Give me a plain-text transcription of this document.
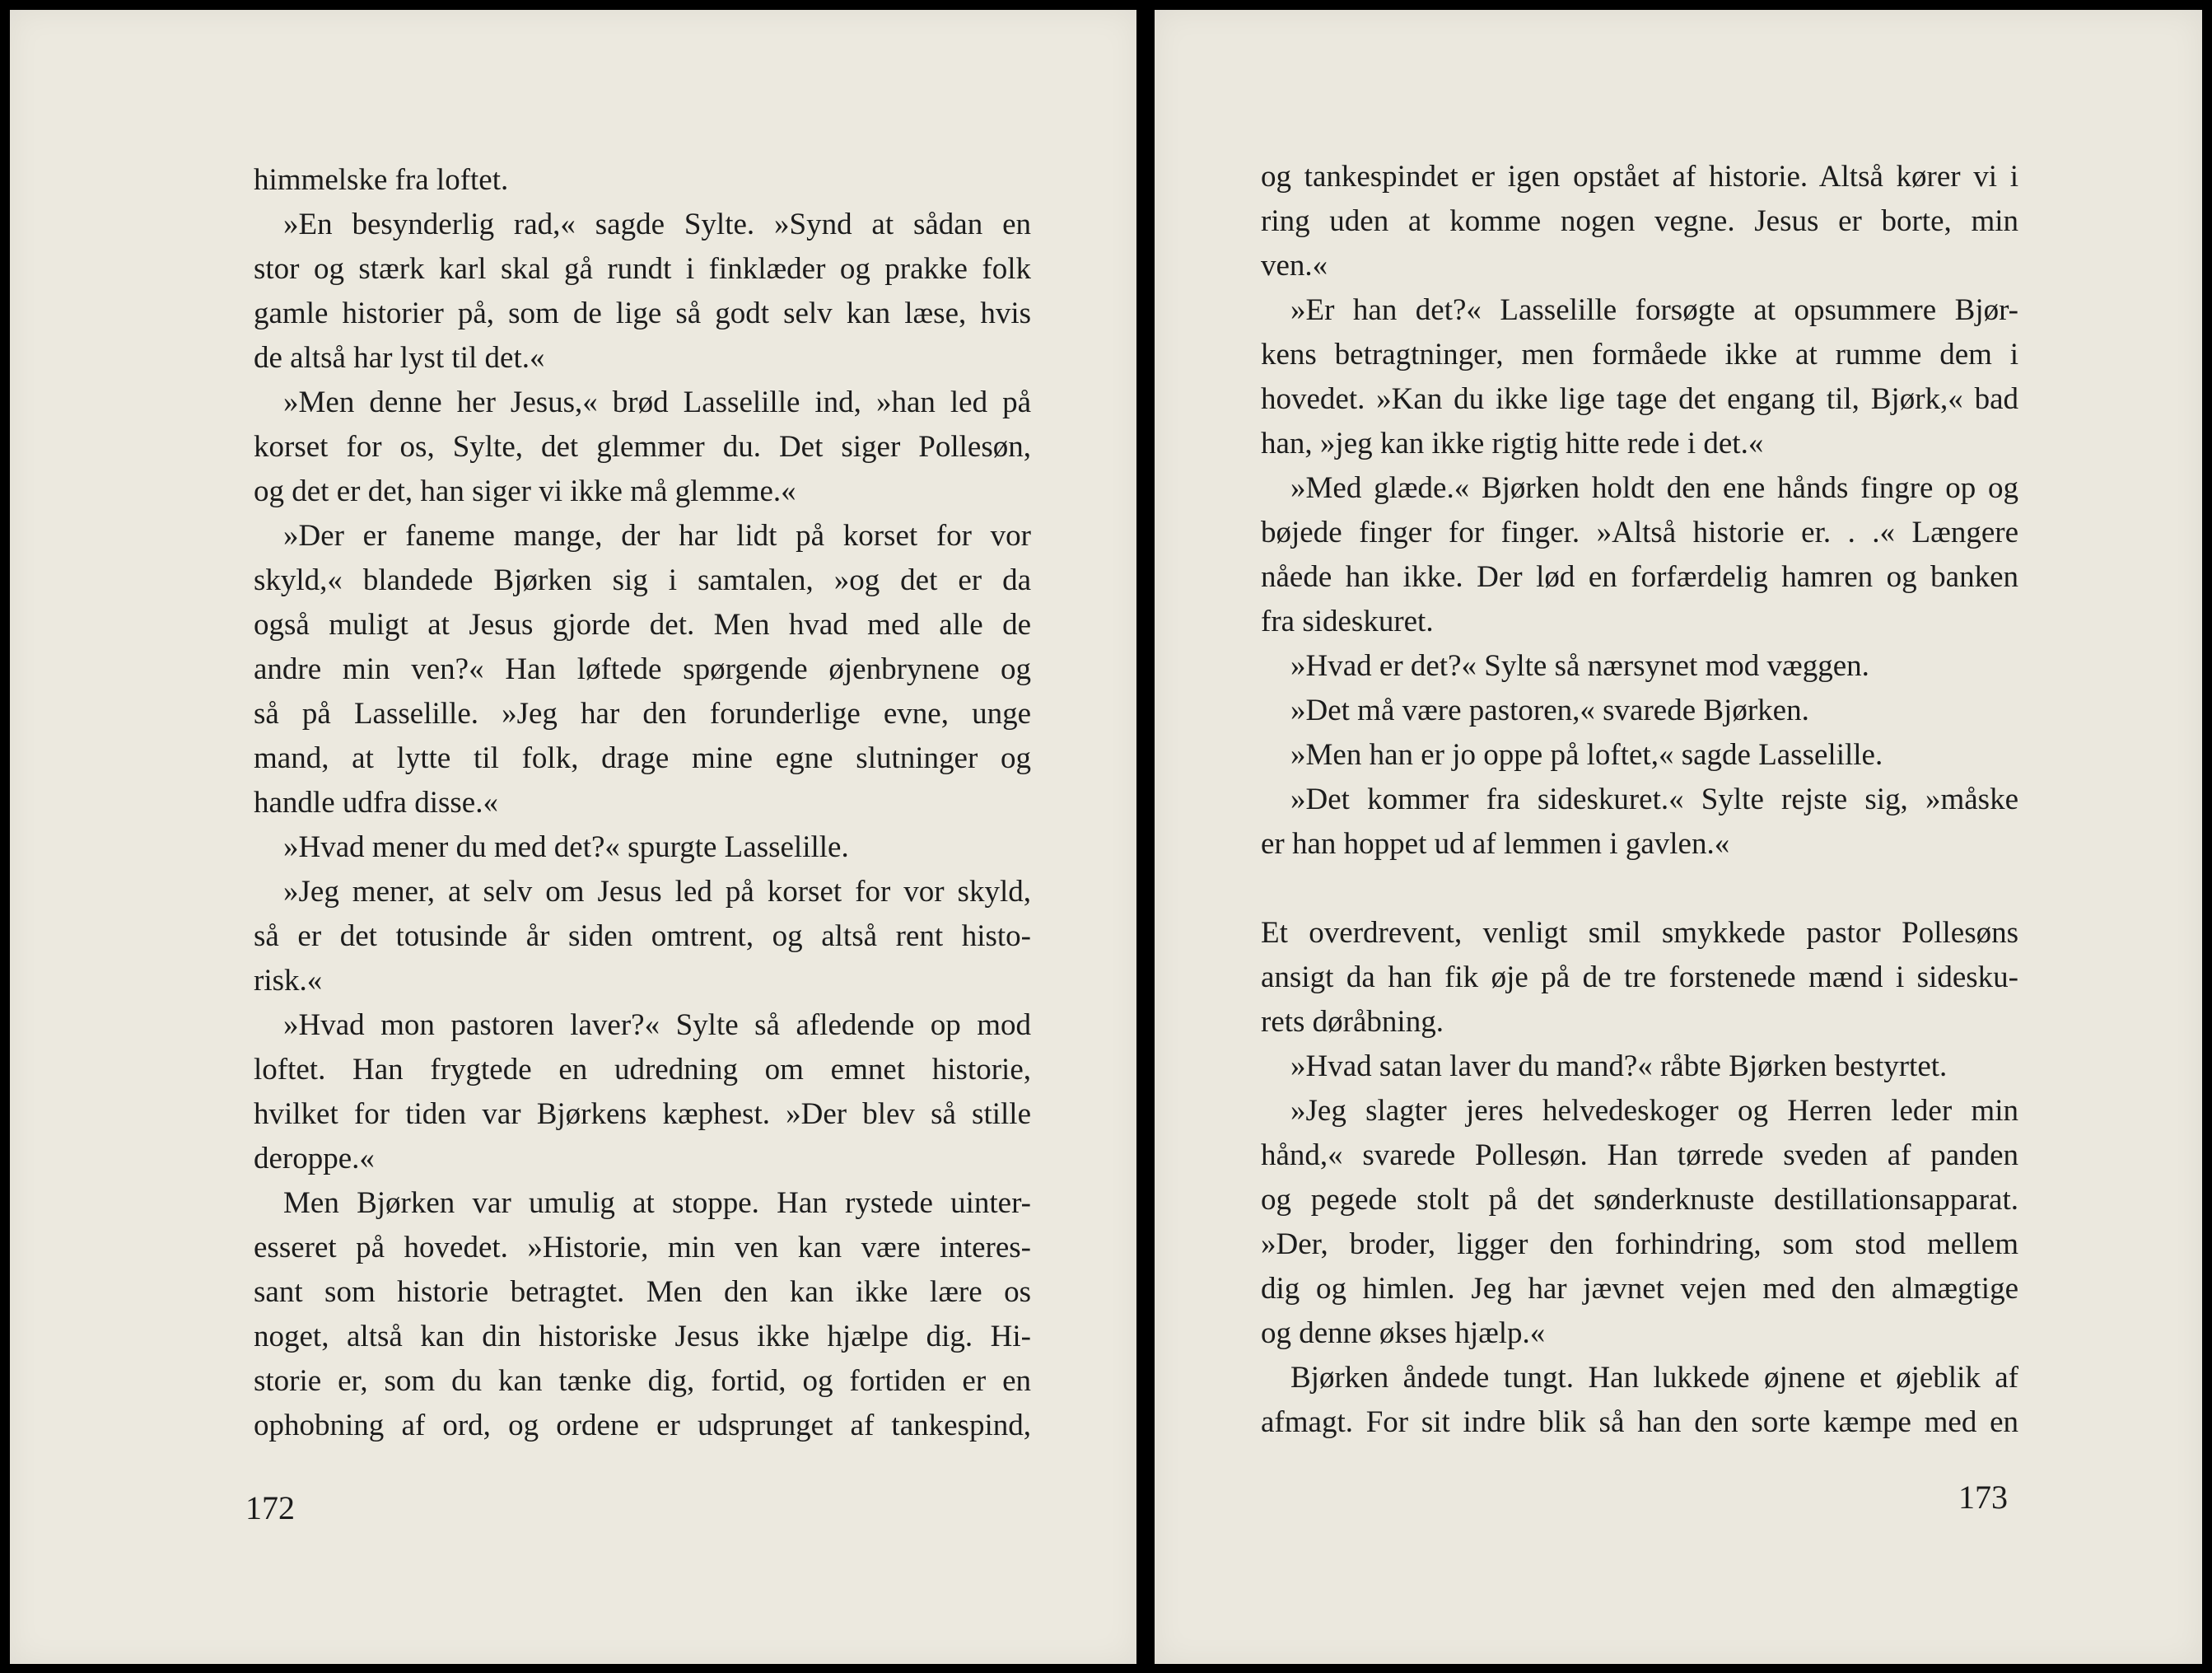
himmelske fra loftet.
»En besynderlig rad,« sagde Sylte. »Synd at sådan en
stor og stærk karl skal gå rundt i finklæder og prakke folk
gamle historier på, som de lige så godt selv kan læse, hvis
de altså har lyst til det.«
»Men denne her Jesus,« brød Lasselille ind, »han led på
korset for os, Sylte, det glemmer du. Det siger Pollesøn,
og det er det, han siger vi ikke må glemme.«
»Der er faneme mange, der har lidt på korset for vor
skyld,« blandede Bjørken sig i samtalen, »og det er da
også muligt at Jesus gjorde det. Men hvad med alle de
andre min ven?« Han løftede spørgende øjenbrynene og
så på Lasselille. »Jeg har den forunderlige evne, unge
mand, at lytte til folk, drage mine egne slutninger og
handle udfra disse.«
»Hvad mener du med det?« spurgte Lasselille.
»Jeg mener, at selv om Jesus led på korset for vor skyld,
så er det totusinde år siden omtrent, og altså rent histo-
risk.«
»Hvad mon pastoren laver?« Sylte så afledende op mod
loftet. Han frygtede en udredning om emnet historie,
hvilket for tiden var Bjørkens kæphest. »Der blev så stille
deroppe.«
Men Bjørken var umulig at stoppe. Han rystede uinter-
esseret på hovedet. »Historie, min ven kan være interes-
sant som historie betragtet. Men den kan ikke lære os
noget, altså kan din historiske Jesus ikke hjælpe dig. Hi-
storie er, som du kan tænke dig, fortid, og fortiden er en
ophobning af ord, og ordene er udsprunget af tankespind,
172
og tankespindet er igen opstået af historie. Altså kører vi i
ring uden at komme nogen vegne. Jesus er borte, min
ven.«
»Er han det?« Lasselille forsøgte at opsummere Bjør-
kens betragtninger, men formåede ikke at rumme dem i
hovedet. »Kan du ikke lige tage det engang til, Bjørk,« bad
han, »jeg kan ikke rigtig hitte rede i det.«
»Med glæde.« Bjørken holdt den ene hånds fingre op og
bøjede finger for finger. »Altså historie er. . .« Længere
nåede han ikke. Der lød en forfærdelig hamren og banken
fra sideskuret.
»Hvad er det?« Sylte så nærsynet mod væggen.
»Det må være pastoren,« svarede Bjørken.
»Men han er jo oppe på loftet,« sagde Lasselille.
»Det kommer fra sideskuret.« Sylte rejste sig, »måske
er han hoppet ud af lemmen i gavlen.«
Et overdrevent, venligt smil smykkede pastor Pollesøns
ansigt da han fik øje på de tre forstenede mænd i sidesku-
rets døråbning.
»Hvad satan laver du mand?« råbte Bjørken bestyrtet.
»Jeg slagter jeres helvedeskoger og Herren leder min
hånd,« svarede Pollesøn. Han tørrede sveden af panden
og pegede stolt på det sønderknuste destillationsapparat.
»Der, broder, ligger den forhindring, som stod mellem
dig og himlen. Jeg har jævnet vejen med den almægtige
og denne økses hjælp.«
Bjørken åndede tungt. Han lukkede øjnene et øjeblik af
afmagt. For sit indre blik så han den sorte kæmpe med en
173
